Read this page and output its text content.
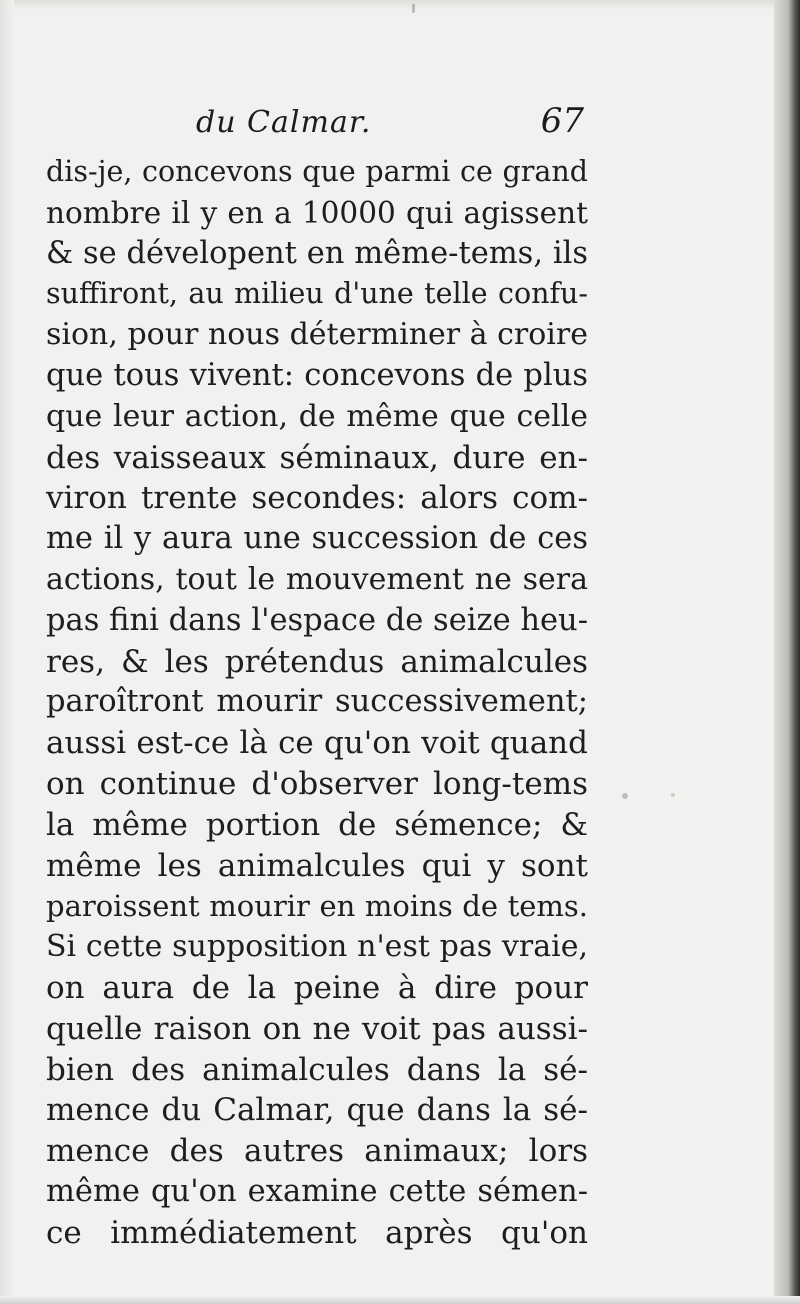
du Calmar.	67
dis-je, concevons que parmi ce grand
nombre il y en a 10000 qui agissent
& se dévelopent en même-tems, ils
suffiront, au milieu d'une telle confu-
sion, pour nous déterminer à croire
que tous vivent: concevons de plus
que leur action, de même que celle
des vaisseaux séminaux, dure en-
viron trente secondes: alors com-
me il y aura une succession de ces
actions, tout le mouvement ne sera
pas fini dans l'espace de seize heu-
res, & les prétendus animalcules
paroîtront mourir successivement;
aussi est-ce là ce qu'on voit quand
on continue d'observer long-tems
la même portion de sémence; &
même les animalcules qui y sont
paroissent mourir en moins de tems.
Si cette supposition n'est pas vraie,
on aura de la peine à dire pour
quelle raison on ne voit pas aussi-
bien des animalcules dans la sé-
mence du Calmar, que dans la sé-
mence des autres animaux; lors
même qu'on examine cette sémen-
ce immédiatement après qu'on
